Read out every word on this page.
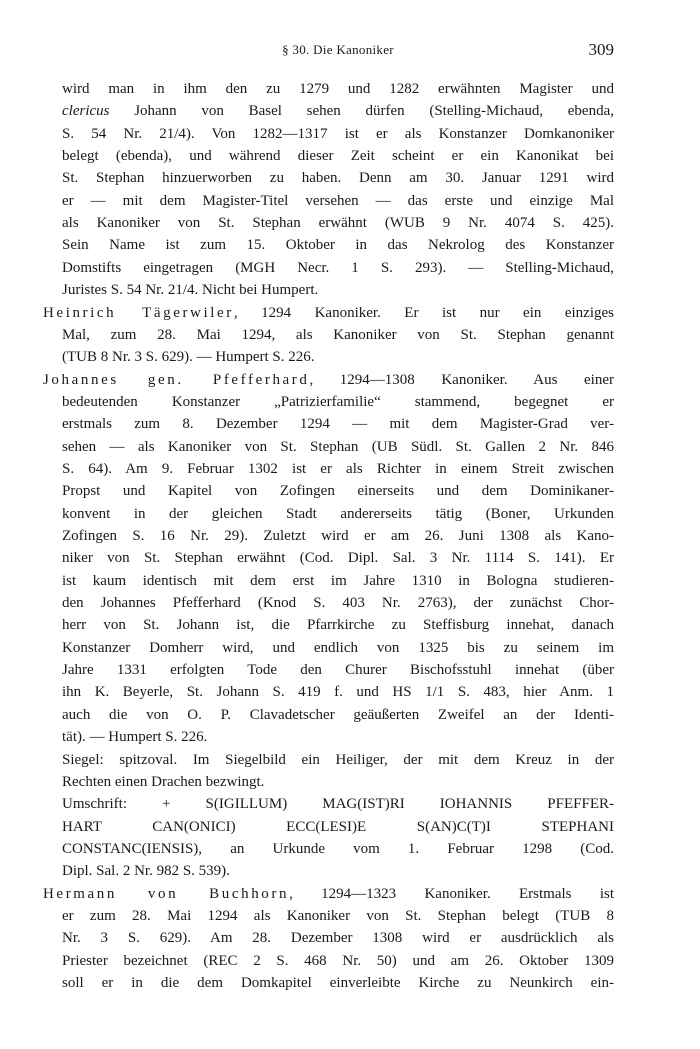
§ 30. Die Kanoniker	309
wird man in ihm den zu 1279 und 1282 erwähnten Magister und
clericus Johann von Basel sehen dürfen (Stelling-Michaud, ebenda,
S. 54 Nr. 21/4). Von 1282—1317 ist er als Konstanzer Domkanoniker
belegt (ebenda), und während dieser Zeit scheint er ein Kanonikat bei
St. Stephan hinzuerworben zu haben. Denn am 30. Januar 1291 wird
er — mit dem Magister-Titel versehen — das erste und einzige Mal
als Kanoniker von St. Stephan erwähnt (WUB 9 Nr. 4074 S. 425).
Sein Name ist zum 15. Oktober in das Nekrolog des Konstanzer
Domstifts eingetragen (MGH Necr. 1 S. 293). — Stelling-Michaud,
Juristes S. 54 Nr. 21/4. Nicht bei Humpert.
Heinrich Tägerwiler, 1294 Kanoniker. Er ist nur ein einziges
Mal, zum 28. Mai 1294, als Kanoniker von St. Stephan genannt
(TUB 8 Nr. 3 S. 629). — Humpert S. 226.
Johannes gen. Pfefferhard, 1294—1308 Kanoniker. Aus einer
bedeutenden Konstanzer „Patrizierfamilie“ stammend, begegnet er
erstmals zum 8. Dezember 1294 — mit dem Magister-Grad ver-
sehen — als Kanoniker von St. Stephan (UB Südl. St. Gallen 2 Nr. 846
S. 64). Am 9. Februar 1302 ist er als Richter in einem Streit zwischen
Propst und Kapitel von Zofingen einerseits und dem Dominikaner-
konvent in der gleichen Stadt andererseits tätig (Boner, Urkunden
Zofingen S. 16 Nr. 29). Zuletzt wird er am 26. Juni 1308 als Kano-
niker von St. Stephan erwähnt (Cod. Dipl. Sal. 3 Nr. 1114 S. 141). Er
ist kaum identisch mit dem erst im Jahre 1310 in Bologna studieren-
den Johannes Pfefferhard (Knod S. 403 Nr. 2763), der zunächst Chor-
herr von St. Johann ist, die Pfarrkirche zu Steffisburg innehat, danach
Konstanzer Domherr wird, und endlich von 1325 bis zu seinem im
Jahre 1331 erfolgten Tode den Churer Bischofsstuhl innehat (über
ihn K. Beyerle, St. Johann S. 419 f. und HS 1/1 S. 483, hier Anm. 1
auch die von O. P. Clavadetscher geäußerten Zweifel an der Identi-
tät). — Humpert S. 226.
Siegel: spitzoval. Im Siegelbild ein Heiliger, der mit dem Kreuz in der
Rechten einen Drachen bezwingt.
Umschrift: + S(IGILLUM) MAG(IST)RI IOHANNIS PFEFFER-
HART CAN(ONICI) ECC(LESI)E S(AN)C(T)I STEPHANI
CONSTANC(IENSIS), an Urkunde vom 1. Februar 1298 (Cod.
Dipl. Sal. 2 Nr. 982 S. 539).
Hermann von Buchhorn, 1294—1323 Kanoniker. Erstmals ist
er zum 28. Mai 1294 als Kanoniker von St. Stephan belegt (TUB 8
Nr. 3 S. 629). Am 28. Dezember 1308 wird er ausdrücklich als
Priester bezeichnet (REC 2 S. 468 Nr. 50) und am 26. Oktober 1309
soll er in die dem Domkapitel einverleibte Kirche zu Neunkirch ein-
